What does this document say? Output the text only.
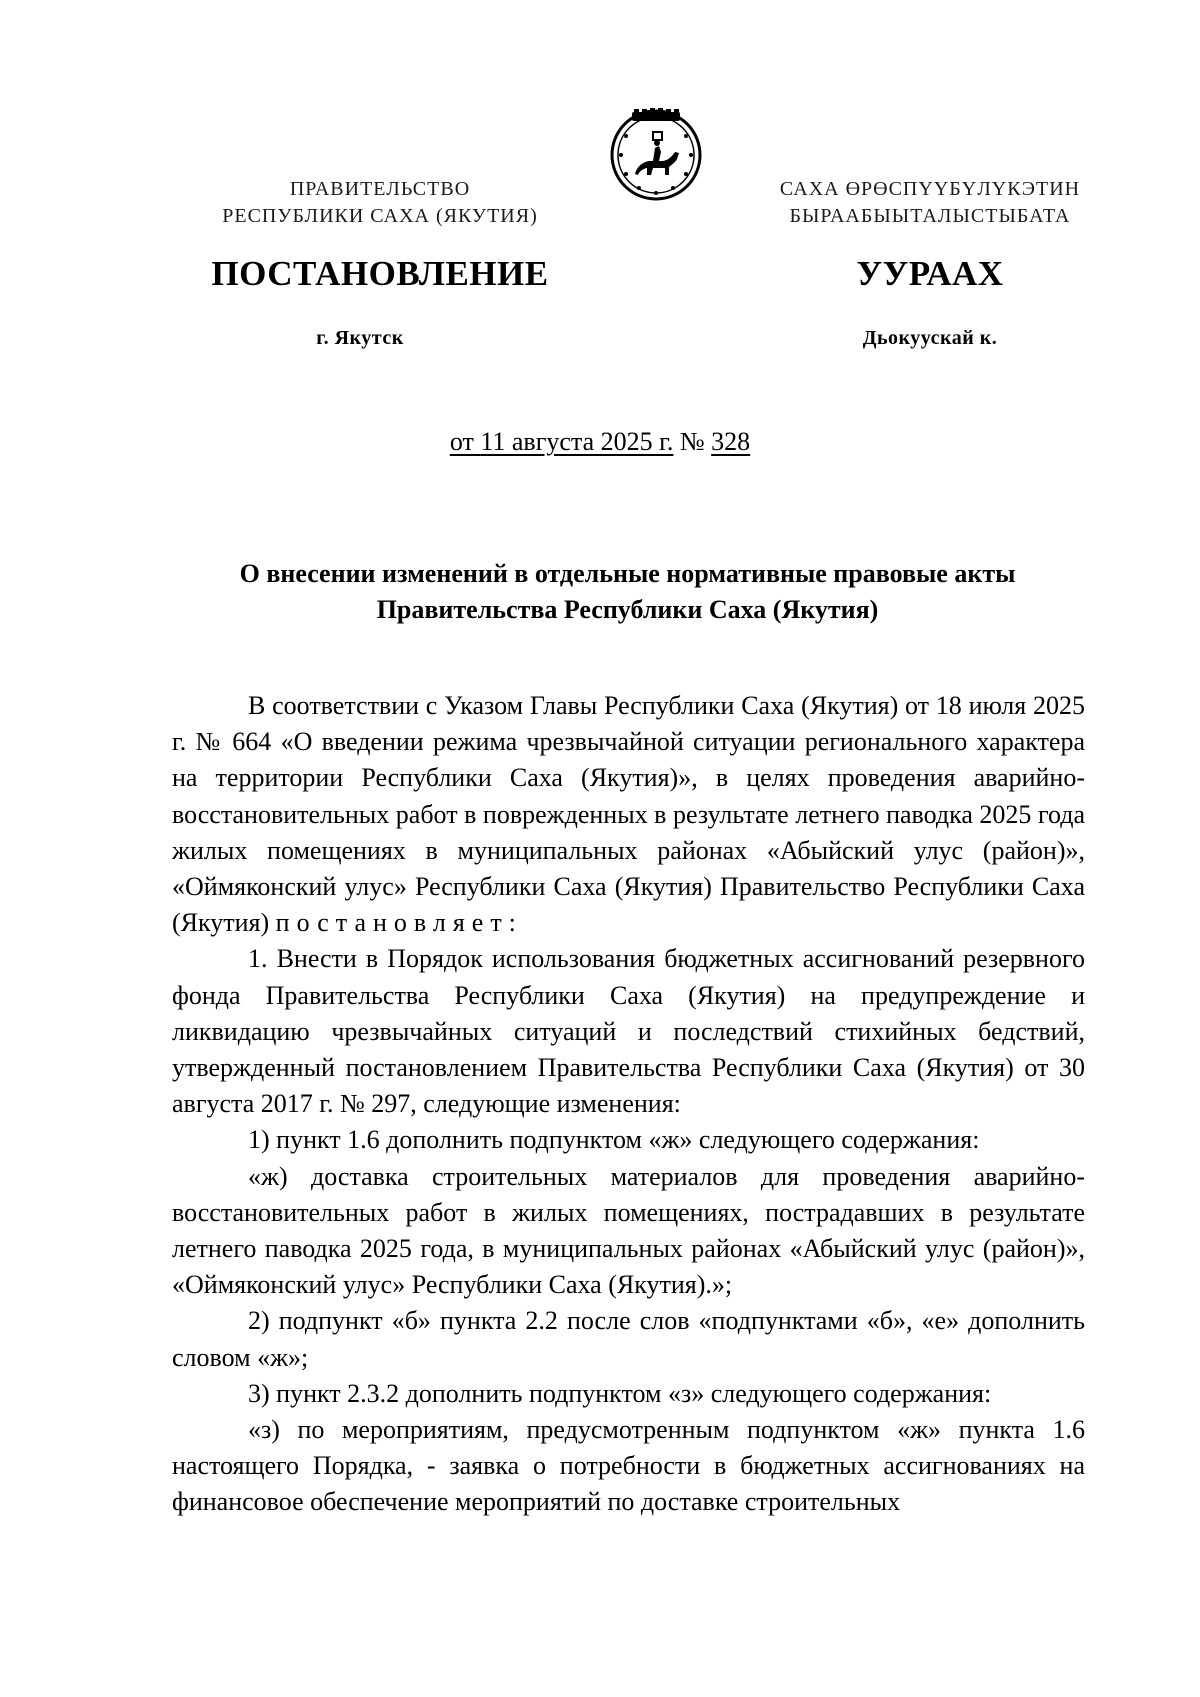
ПРАВИТЕЛЬСТВО
РЕСПУБЛИКИ САХА (ЯКУТИЯ)
САХА ӨРӨСПҮҮБҮЛҮКЭТИН
БЫРААБЫЫТАЛЫСТЫБАТА
ПОСТАНОВЛЕНИЕ	УУРААХ
г. Якутск	Дьокуускай к.
от 11 августа 2025 г. № 328
О внесении изменений в отдельные нормативные правовые акты
Правительства Республики Саха (Якутия)

В соответствии с Указом Главы Республики Саха (Якутия) от 18 июля 2025 г. № 664 «О введении режима чрезвычайной ситуации регионального характера на территории Республики Саха (Якутия)», в целях проведения аварийно-восстановительных работ в поврежденных в результате летнего паводка 2025 года жилых помещениях в муниципальных районах «Абыйский улус (район)», «Оймяконский улус» Республики Саха (Якутия) Правительство Республики Саха (Якутия) постановляет:

1. Внести в Порядок использования бюджетных ассигнований резервного фонда Правительства Республики Саха (Якутия) на предупреждение и ликвидацию чрезвычайных ситуаций и последствий стихийных бедствий, утвержденный постановлением Правительства Республики Саха (Якутия) от 30 августа 2017 г. № 297, следующие изменения:

1) пункт 1.6 дополнить подпунктом «ж» следующего содержания:

«ж) доставка строительных материалов для проведения аварийно-восстановительных работ в жилых помещениях, пострадавших в результате летнего паводка 2025 года, в муниципальных районах «Абыйский улус (район)», «Оймяконский улус» Республики Саха (Якутия).»;

2) подпункт «б» пункта 2.2 после слов «подпунктами «б», «е» дополнить словом «ж»;

3) пункт 2.3.2 дополнить подпунктом «з» следующего содержания:

«з) по мероприятиям, предусмотренным подпунктом «ж» пункта 1.6 настоящего Порядка, - заявка о потребности в бюджетных ассигнованиях на финансовое обеспечение мероприятий по доставке строительных
